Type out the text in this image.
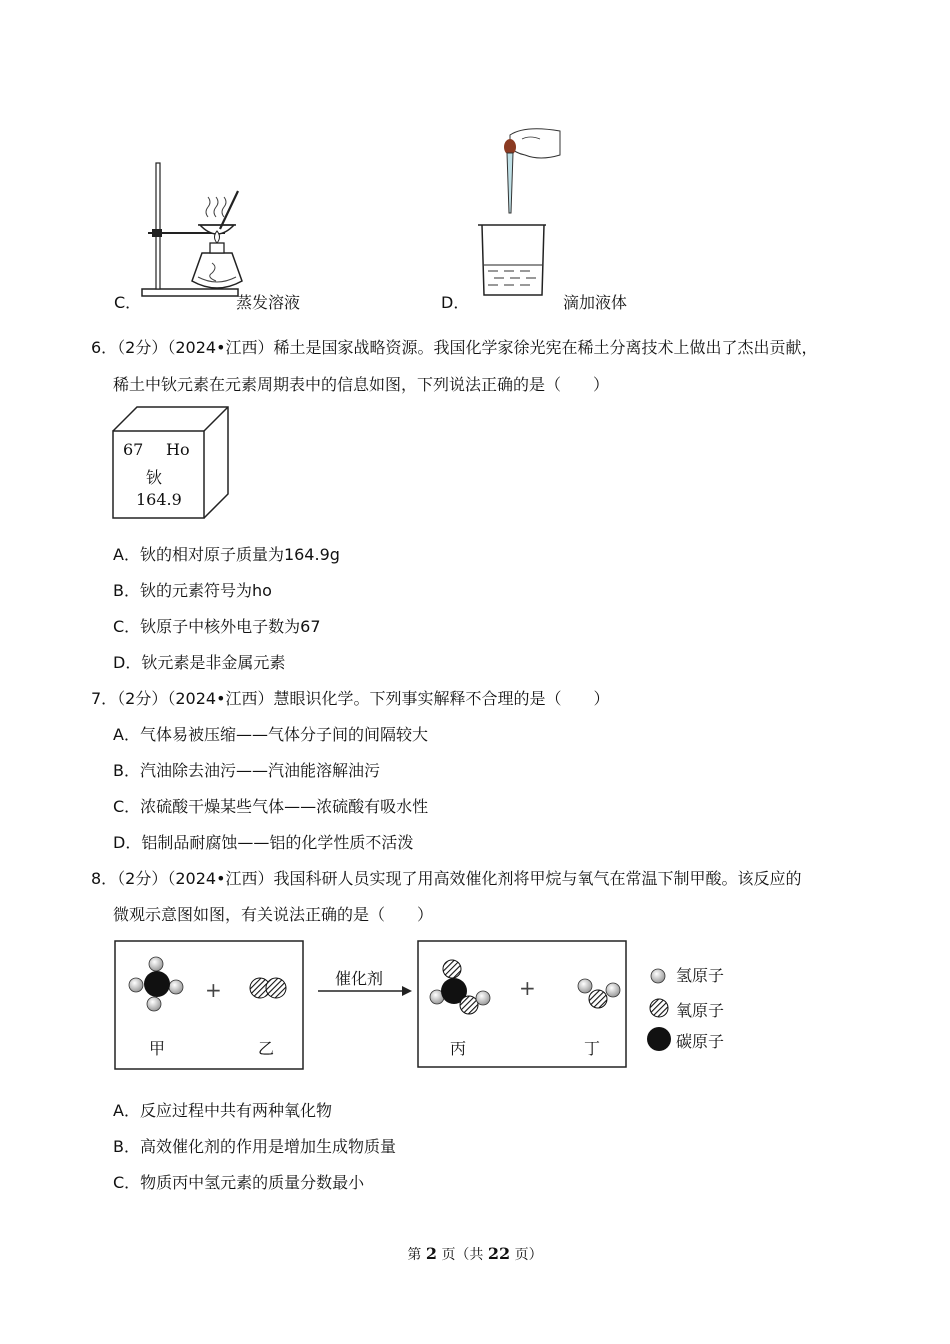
C．	蒸发溶液	D．	滴加液体
6．（2分）（2024•江西）稀土是国家战略资源。我国化学家徐光宪在稀土分离技术上做出了杰出贡献，
稀土中钬元素在元素周期表中的信息如图，下列说法正确的是（　　）
67 Ho
钬
164.9
A．钬的相对原子质量为164.9g
B．钬的元素符号为ho
C．钬原子中核外电子数为67
D．钬元素是非金属元素
7．（2分）（2024•江西）慧眼识化学。下列事实解释不合理的是（　　）
A．气体易被压缩——气体分子间的间隔较大
B．汽油除去油污——汽油能溶解油污
C．浓硫酸干燥某些气体——浓硫酸有吸水性
D．铝制品耐腐蚀——铝的化学性质不活泼
8．（2分）（2024•江西）我国科研人员实现了用高效催化剂将甲烷与氧气在常温下制甲酸。该反应的
微观示意图如图，有关说法正确的是（　　）
催化剂
+	+
甲	乙	丙	丁
氢原子
氧原子
碳原子
A．反应过程中共有两种氧化物
B．高效催化剂的作用是增加生成物质量
C．物质丙中氢元素的质量分数最小
第 2 页（共 22 页）
